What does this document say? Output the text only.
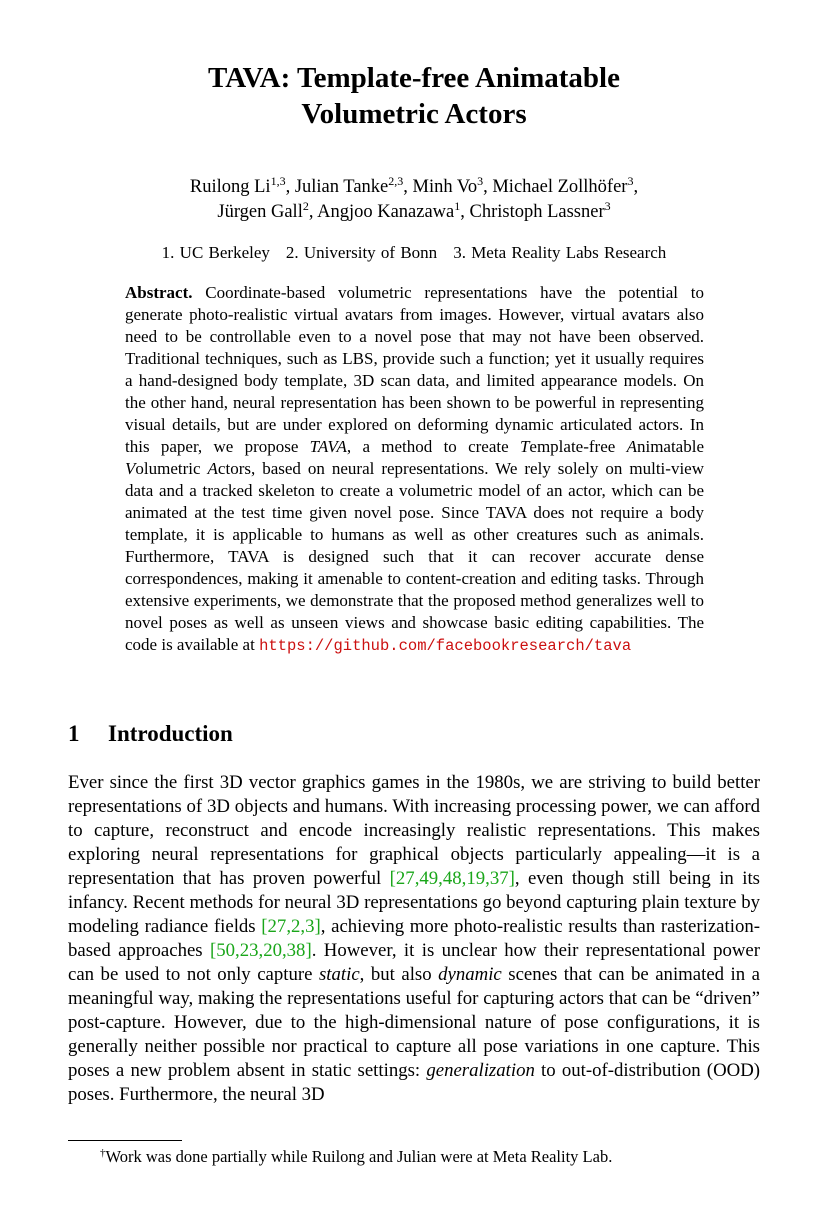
TAVA: Template-free Animatable
Volumetric Actors
Ruilong Li$^{1,3}$, Julian Tanke$^{2,3}$, Minh Vo$^3$, Michael Zollhöfer$^3$,
Jürgen Gall$^2$, Angjoo Kanazawa$^1$, Christoph Lassner$^3$
1. UC Berkeley 2. University of Bonn 3. Meta Reality Labs Research
Abstract. Coordinate-based volumetric representations have the potential to generate photo-realistic virtual avatars from images. However, virtual avatars also need to be controllable even to a novel pose that may not have been observed. Traditional techniques, such as LBS, provide such a function; yet it usually requires a hand-designed body template, 3D scan data, and limited appearance models. On the other hand, neural representation has been shown to be powerful in representing visual details, but are under explored on deforming dynamic articulated actors. In this paper, we propose TAVA, a method to create Template-free Animatable Volumetric Actors, based on neural representations. We rely solely on multi-view data and a tracked skeleton to create a volumetric model of an actor, which can be animated at the test time given novel pose. Since TAVA does not require a body template, it is applicable to humans as well as other creatures such as animals. Furthermore, TAVA is designed such that it can recover accurate dense correspondences, making it amenable to content-creation and editing tasks. Through extensive experiments, we demonstrate that the proposed method generalizes well to novel poses as well as unseen views and showcase basic editing capabilities. The code is available at https://github.com/facebookresearch/tava
1 Introduction
Ever since the first 3D vector graphics games in the 1980s, we are striving to build better representations of 3D objects and humans. With increasing processing power, we can afford to capture, reconstruct and encode increasingly realistic representations. This makes exploring neural representations for graphical objects particularly appealing—it is a representation that has proven powerful [27,49,48,19,37], even though still being in its infancy. Recent methods for neural 3D representations go beyond capturing plain texture by modeling radiance fields [27,2,3], achieving more photo-realistic results than rasterization-based approaches [50,23,20,38]. However, it is unclear how their representational power can be used to not only capture static, but also dynamic scenes that can be animated in a meaningful way, making the representations useful for capturing actors that can be “driven” post-capture. However, due to the high-dimensional nature of pose configurations, it is generally neither possible nor practical to capture all pose variations in one capture. This poses a new problem absent in static settings: generalization to out-of-distribution (OOD) poses. Furthermore, the neural 3D
†Work was done partially while Ruilong and Julian were at Meta Reality Lab.
